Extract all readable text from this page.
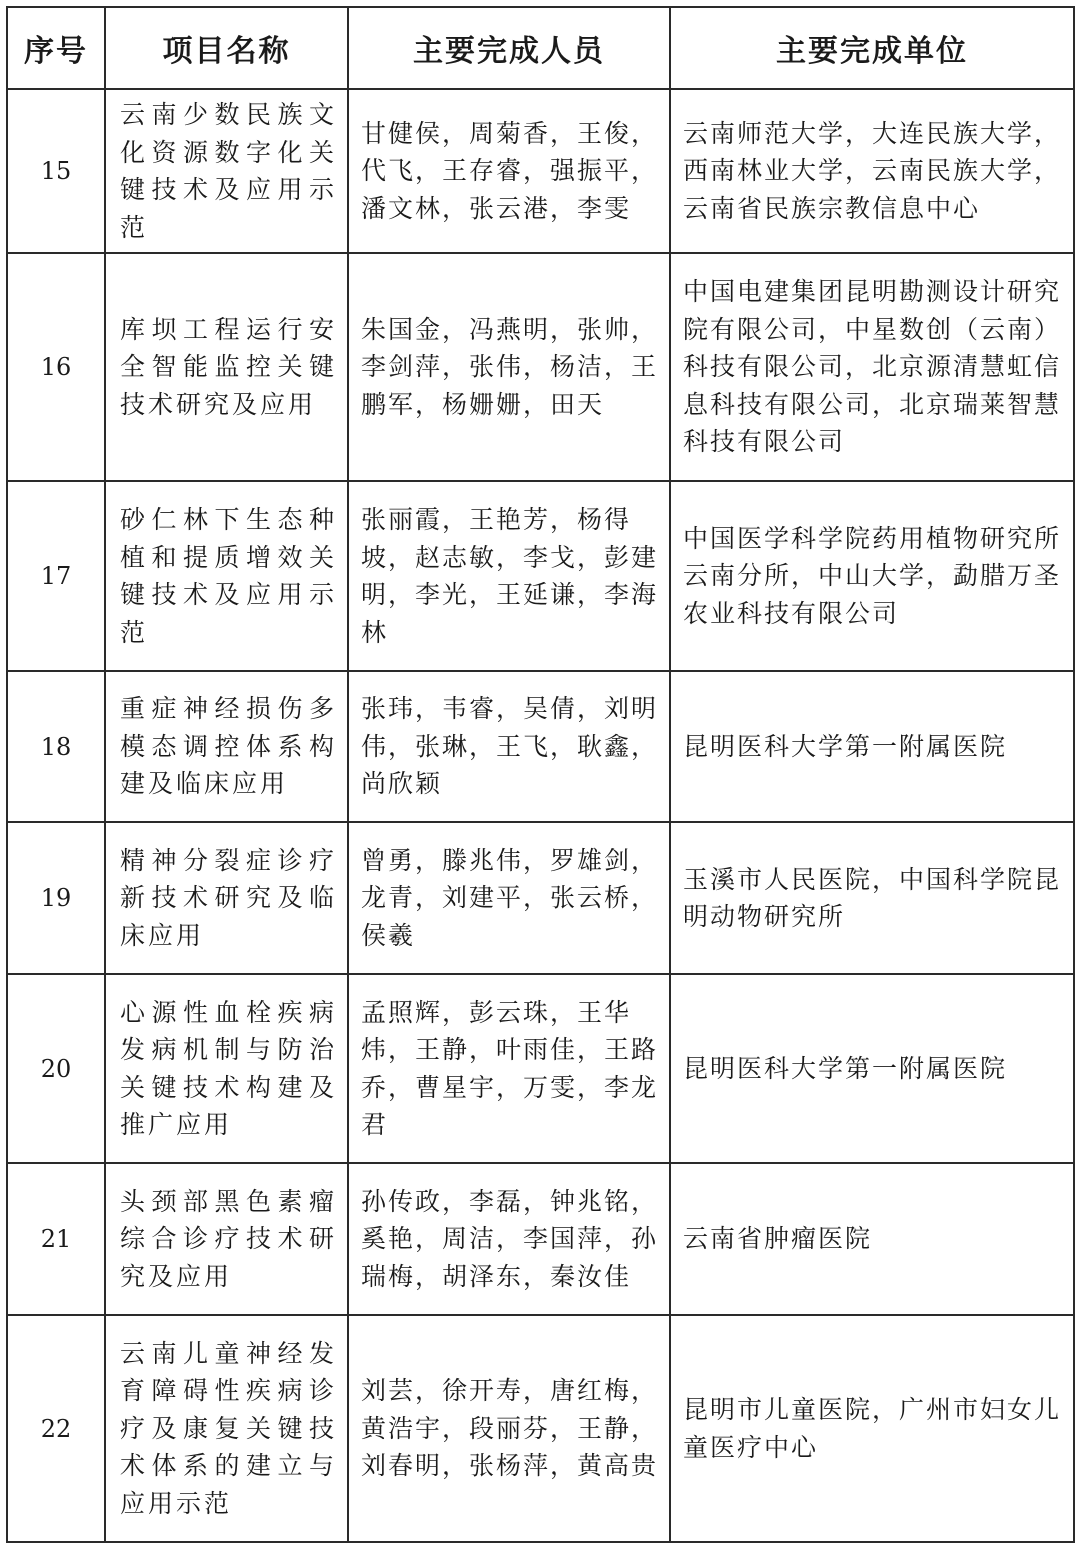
序号	项目名称	主要完成人员	主要完成单位
15	云南少数民族文化资源数字化关键技术及应用示范	甘健侯，周菊香，王俊，代飞，王存睿，强振平，潘文林，张云港，李雯	云南师范大学，大连民族大学，西南林业大学，云南民族大学，云南省民族宗教信息中心

16	库坝工程运行安全智能监控关键技术研究及应用	朱国金，冯燕明，张帅，李剑萍，张伟，杨洁，王鹏军，杨姗姗，田天	中国电建集团昆明勘测设计研究院有限公司，中星数创（云南）科技有限公司，北京源清慧虹信息科技有限公司，北京瑞莱智慧科技有限公司

17	砂仁林下生态种植和提质增效关键技术及应用示范	张丽霞，王艳芳，杨得坡，赵志敏，李戈，彭建明，李光，王延谦，李海林	中国医学科学院药用植物研究所云南分所，中山大学，勐腊万圣农业科技有限公司

18	重症神经损伤多模态调控体系构建及临床应用	张玮，韦睿，吴倩，刘明伟，张琳，王飞，耿鑫，尚欣颖	昆明医科大学第一附属医院

19	精神分裂症诊疗新技术研究及临床应用	曾勇，滕兆伟，罗雄剑，龙青，刘建平，张云桥，侯羲	玉溪市人民医院，中国科学院昆明动物研究所

20	心源性血栓疾病发病机制与防治关键技术构建及推广应用	孟照辉，彭云珠，王华炜，王静，叶雨佳，王路乔，曹星宇，万雯，李龙君	昆明医科大学第一附属医院

21	头颈部黑色素瘤综合诊疗技术研究及应用	孙传政，李磊，钟兆铭，奚艳，周洁，李国萍，孙瑞梅，胡泽东，秦汝佳	云南省肿瘤医院

22	云南儿童神经发育障碍性疾病诊疗及康复关键技术体系的建立与应用示范	刘芸，徐开寿，唐红梅，黄浩宇，段丽芬，王静，刘春明，张杨萍，黄高贵	昆明市儿童医院，广州市妇女儿童医疗中心
